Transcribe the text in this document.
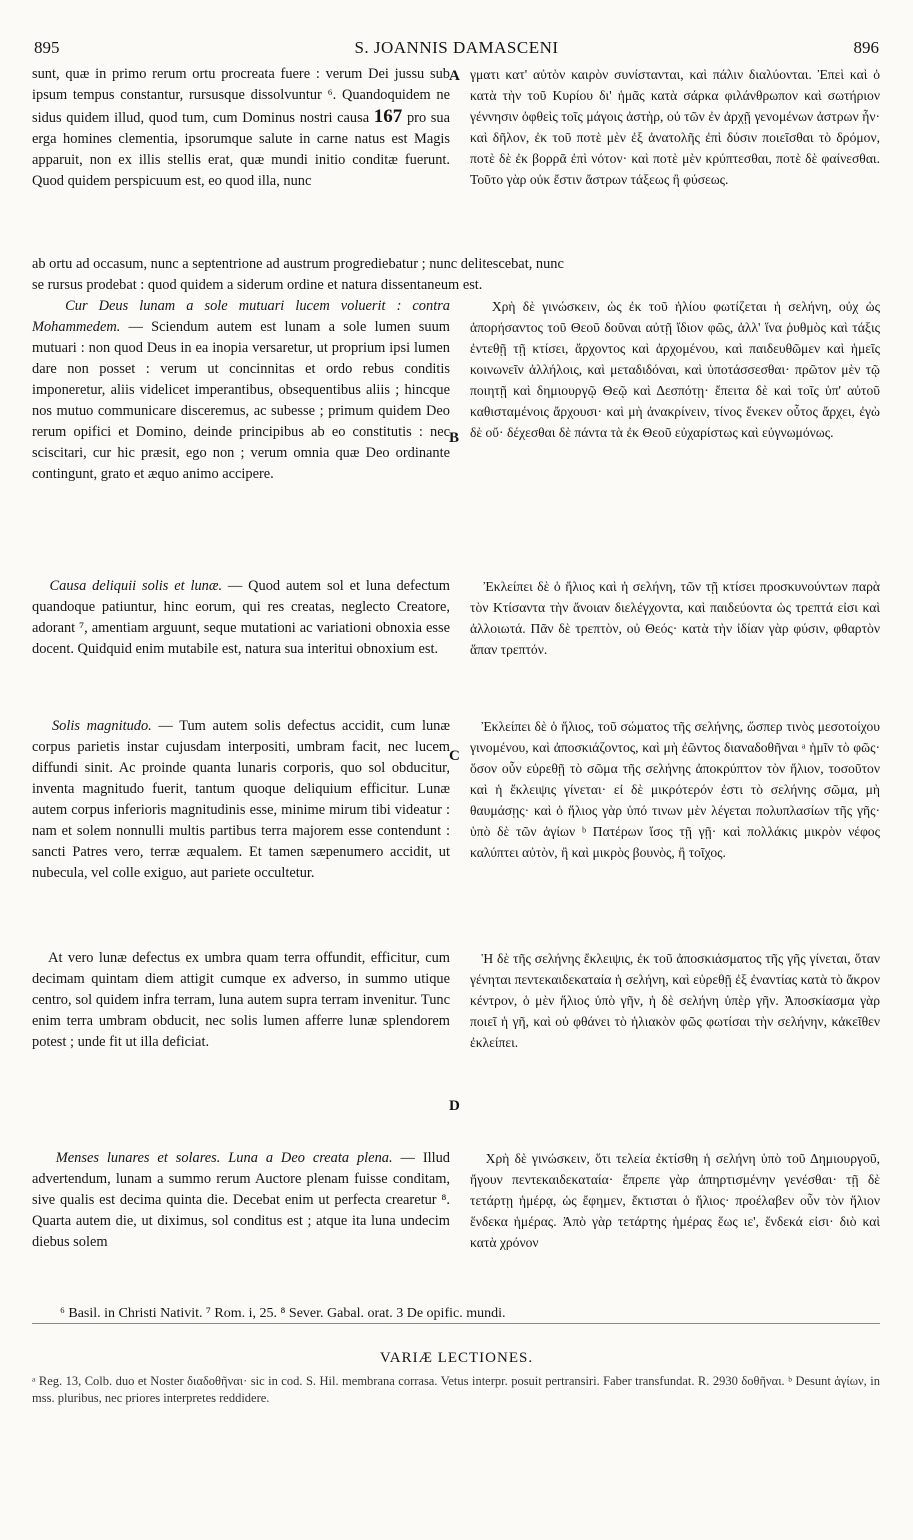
895	S. JOANNIS DAMASCENI	896

sunt, quæ in primo rerum ortu procreata fuere : verum Dei jussu sub ipsum tempus constantur, rursusque dissolvuntur ⁶. Quandoquidem ne sidus quidem illud, quod tum, cum Dominus nostri causa 167 pro sua erga homines clementia, ipsorumque salute in carne natus est Magis apparuit, non ex illis stellis erat, quæ mundi initio conditæ fuerunt. Quod quidem perspicuum est, eo quod illa, nunc

Cur Deus lunam a sole mutuari lucem voluerit : contra Mohammedem. — Sciendum autem est lunam a sole lumen suum mutuari : non quod Deus in ea inopia versaretur, ut proprium ipsi lumen dare non posset : verum ut concinnitas et ordo rebus conditis imponeretur, aliis videlicet imperantibus, obsequentibus aliis ; hincque nos mutuo communicare disceremus, ac subesse ; primum quidem Deo rerum opifici et Domino, deinde principibus ab eo constitutis : nec sciscitari, cur hic præsit, ego non ; verum omnia quæ Deo ordinante contingunt, grato et æquo animo accipere.

Causa deliquii solis et lunæ. — Quod autem sol et luna defectum quandoque patiuntur, hinc eorum, qui res creatas, neglecto Creatore, adorant ⁷, amentiam arguunt, seque mutationi ac variationi obnoxia esse docent. Quidquid enim mutabile est, natura sua interitui obnoxium est.

Solis magnitudo. — Tum autem solis defectus accidit, cum lunæ corpus parietis instar cujusdam interpositi, umbram facit, nec lucem diffundi sinit. Ac proinde quanta lunaris corporis, quo sol obducitur, inventa magnitudo fuerit, tantum quoque deliquium efficitur. Lunæ autem corpus inferioris magnitudinis esse, minime mirum tibi videatur : nam et solem nonnulli multis partibus terra majorem esse contendunt : sancti Patres vero, terræ æqualem. Et tamen sæpenumero accidit, ut nubecula, vel colle exiguo, aut pariete occultetur.

At vero lunæ defectus ex umbra quam terra offundit, efficitur, cum decimam quintam diem attigit cumque ex adverso, in summo utique centro, sol quidem infra terram, luna autem supra terram invenitur. Tunc enim terra umbram obducit, nec solis lumen afferre lunæ splendorem potest ; unde fit ut illa deficiat.

Menses lunares et solares. Luna a Deo creata plena. — Illud advertendum, lunam a summo rerum Auctore plenam fuisse conditam, sive qualis est decima quinta die. Decebat enim ut perfecta crearetur ⁸. Quarta autem die, ut diximus, sol conditus est ; atque ita luna undecim diebus solem

γματι κατ' αὐτὸν καιρὸν συνίστανται, καὶ πάλιν διαλύονται. Ἐπεὶ καὶ ὁ κατὰ τὴν τοῦ Κυρίου δι' ἡμᾶς κατὰ σάρκα φιλάνθρωπον καὶ σωτήριον γέννησιν ὀφθεὶς τοῖς μάγοις ἀστὴρ, οὐ τῶν ἐν ἀρχῇ γενομένων ἀστρων ἦν· καὶ δῆλον, ἐκ τοῦ ποτὲ μὲν ἐξ ἀνατολῆς ἐπὶ δύσιν ποιεῖσθαι τὸ δρόμον, ποτὲ δὲ ἐκ βορρᾶ ἐπὶ νότον· καὶ ποτὲ μὲν κρύπτεσθαι, ποτὲ δὲ φαίνεσθαι. Τοῦτο γὰρ οὐκ ἔστιν ἄστρων τάξεως ἢ φύσεως.

Χρὴ δὲ γινώσκειν, ὡς ἐκ τοῦ ἡλίου φωτίζεται ἡ σελήνη, οὐχ ὡς ἀπορήσαντος τοῦ Θεοῦ δοῦναι αὐτῇ ἴδιον φῶς, ἀλλ' ἵνα ῥυθμὸς καὶ τάξις ἐντεθῇ τῇ κτίσει, ἄρχοντος καὶ ἀρχομένου, καὶ παιδευθῶμεν καὶ ἡμεῖς κοινωνεῖν ἀλλήλοις, καὶ μεταδιδόναι, καὶ ὑποτάσσεσθαι· πρῶτον μὲν τῷ ποιητῇ καὶ δημιουργῷ Θεῷ καὶ Δεσπότῃ· ἔπειτα δὲ καὶ τοῖς ὑπ' αὐτοῦ καθισταμένοις ἄρχουσι· καὶ μὴ ἀνακρίνειν, τίνος ἕνεκεν οὗτος ἄρχει, ἐγὼ δὲ οὔ· δέχεσθαι δὲ πάντα τὰ ἐκ Θεοῦ εὐχαρίστως καὶ εὐγνωμόνως.

Ἐκλείπει δὲ ὁ ἥλιος καὶ ἡ σελήνη, τῶν τῇ κτίσει προσκυνούντων παρὰ τὸν Κτίσαντα τὴν ἄνοιαν διελέγχοντα, καὶ παιδεύοντα ὡς τρεπτά εἰσι καὶ ἀλλοιωτά. Πᾶν δὲ τρεπτὸν, οὐ Θεός· κατὰ τὴν ἰδίαν γὰρ φύσιν, φθαρτὸν ἅπαν τρεπτόν.

Ἐκλείπει δὲ ὁ ἥλιος, τοῦ σώματος τῆς σελήνης, ὥσπερ τινὸς μεσοτοίχου γινομένου, καὶ ἀποσκιάζοντος, καὶ μὴ ἐῶντος διαναδοθῆναι ᵃ ἡμῖν τὸ φῶς· ὅσον οὖν εὑρεθῇ τὸ σῶμα τῆς σελήνης ἀποκρύπτον τὸν ἥλιον, τοσοῦτον καὶ ἡ ἔκλειψις γίνεται· εἰ δὲ μικρότερόν ἐστι τὸ σελήνης σῶμα, μὴ θαυμάσῃς· καὶ ὁ ἥλιος γὰρ ὑπό τινων μὲν λέγεται πολυπλασίων τῆς γῆς· ὑπὸ δὲ τῶν ἁγίων ᵇ Πατέρων ἴσος τῇ γῇ· καὶ πολλάκις μικρὸν νέφος καλύπτει αὐτὸν, ἢ καὶ μικρὸς βουνὸς, ἢ τοῖχος.

Ἡ δὲ τῆς σελήνης ἔκλειψις, ἐκ τοῦ ἀποσκιάσματος τῆς γῆς γίνεται, ὅταν γένηται πεντεκαιδεκαταία ἡ σελήνη, καὶ εὑρεθῇ ἐξ ἐναντίας κατὰ τὸ ἄκρον κέντρον, ὁ μὲν ἥλιος ὑπὸ γῆν, ἡ δὲ σελήνη ὑπὲρ γῆν. Ἀποσκίασμα γὰρ ποιεῖ ἡ γῆ, καὶ οὐ φθάνει τὸ ἡλιακὸν φῶς φωτίσαι τὴν σελήνην, κἀκεῖθεν ἐκλείπει.

Χρὴ δὲ γινώσκειν, ὅτι τελεία ἐκτίσθη ἡ σελήνη ὑπὸ τοῦ Δημιουργοῦ, ἤγουν πεντεκαιδεκαταία· ἔπρεπε γὰρ ἀπηρτισμένην γενέσθαι· τῇ δὲ τετάρτῃ ἡμέρᾳ, ὡς ἔφημεν, ἔκτισται ὁ ἥλιος· προέλαβεν οὖν τὸν ἥλιον ἕνδεκα ἡμέρας. Ἀπὸ γὰρ τετάρτης ἡμέρας ἕως ιε', ἕνδεκά εἰσι· διὸ καὶ κατὰ χρόνον

ab ortu ad occasum, nunc a septentrione ad austrum progrediebatur ; nunc delitescebat, nunc
se rursus prodebat : quod quidem a siderum ordine et natura dissentaneum est.
A
B
C
D
⁶ Basil. in Christi Nativit. ⁷ Rom. i, 25. ⁸ Sever. Gabal. orat. 3 De opific. mundi.
VARIÆ LECTIONES.
ᵃ Reg. 13, Colb. duo et Noster διαδοθῆναι· sic in cod. S. Hil. membrana corrasa. Vetus interpr. posuit pertransiri. Faber transfundat. R. 2930 δοθῆναι. ᵇ Desunt ἁγίων, in mss. pluribus, nec priores interpretes reddidere.
